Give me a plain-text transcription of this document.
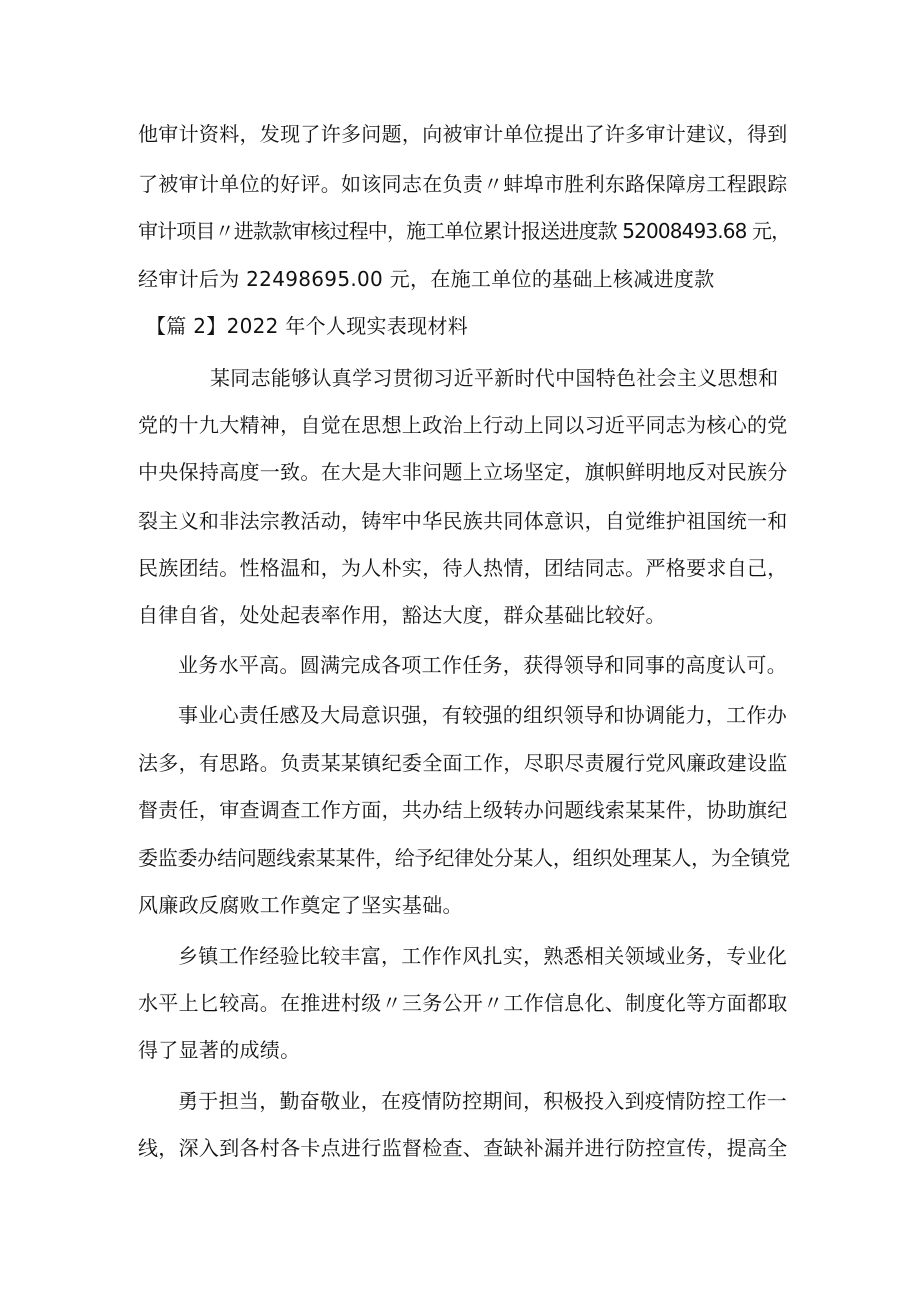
他审计资料，发现了许多问题，向被审计单位提出了许多审计建议，得到
了被审计单位的好评。如该同志在负责〃蚌埠市胜利东路保障房工程跟踪
审计项目〃进款款审核过程中，施工单位累计报送进度款 52008493.68 元，
经审计后为 22498695.00 元，在施工单位的基础上核减进度款
【篇 2】2022 年个人现实表现材料
某同志能够认真学习贯彻习近平新时代中国特色社会主义思想和
党的十九大精神，自觉在思想上政治上行动上同以习近平同志为核心的党
中央保持高度一致。在大是大非问题上立场坚定，旗帜鲜明地反对民族分
裂主义和非法宗教活动，铸牢中华民族共同体意识，自觉维护祖国统一和
民族团结。性格温和，为人朴实，待人热情，团结同志。严格要求自己，
自律自省，处处起表率作用，豁达大度，群众基础比较好。
业务水平高。圆满完成各项工作任务，获得领导和同事的高度认可。
事业心责任感及大局意识强，有较强的组织领导和协调能力，工作办
法多，有思路。负责某某镇纪委全面工作，尽职尽责履行党风廉政建设监
督责任，审查调查工作方面，共办结上级转办问题线索某某件，协助旗纪
委监委办结问题线索某某件，给予纪律处分某人，组织处理某人，为全镇党
风廉政反腐败工作奠定了坚实基础。
乡镇工作经验比较丰富，工作作风扎实，熟悉相关领域业务，专业化
水平上匕较高。在推进村级〃三务公开〃工作信息化、制度化等方面都取
得了显著的成绩。
勇于担当，勤奋敬业，在疫情防控期间，积极投入到疫情防控工作一
线，深入到各村各卡点进行监督检查、查缺补漏并进行防控宣传，提高全
